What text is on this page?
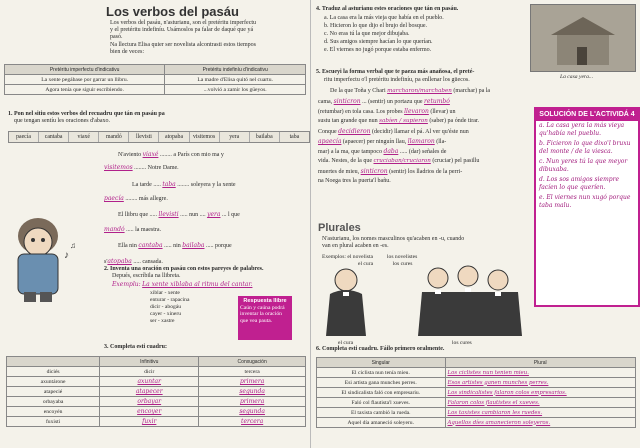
Los verbos del pasáu
Los verbos del pasáu, n'asturianu, son el pretéritu imperfectu
y el pretéritu indefiníu. Usámoslos pa falar de daqué que yá
pasó.
Na llectura Elisa quier ser novelista alcontrasti estos tiempos
bien de veces:
Pretéritu imperfectu d'indicativu	Pretéritu indefiníu d'indicativu
La xente pegábase por garrar un llibru.	La madre d'Elisa quitó nel cuartu.
Agora tenía que siguir escribiendo.	...volvió a zamir los güeyos.
1. Pon nel sitiu estos verbos del recuadru que tán en pasáu pa
que tengan sentíu les oraciones d'abaxo.
paecía	cantaba	viaxé	mandó	llevisti	atopaba	visitemos	yera	bailaba	taba
N'aviento viaxé ........ a París con mio ma y
visitemos ........ Notre Dame.
La tarde ..... taba ........ soleyera y la xente
paecía ........ más allegre.
El llibru que ..... llevisti ..... nun .... yera ... l que
mandó ..... la maestra.
Ella nin cantaba ..... nin bailaba ..... porque
s'atopaba ..... cansada.
♪
♫
2. Inventa una oración en pasáu con estos pareyes de palabres.
Depués, escríbila na llibreta.
Exemplu: La xente xiblaba al ritmu del cantar.
xiblar - xente
enturar - rapacina
dicir - abogáu
cayer - xineru
ser - xastre
Respuesta llibre
Caún y caúna podrá inventar la oración que vea pauta.
3. Completa esti cuadru:
	Infinitivu	Conxugación
diciés	dicir	tercera
axuntárone	axuntar	primera
atapecié	atapecer	segunda
orbayaba	orbayar	primera
encoyén	encoyer	segunda
fuxisti	fuxir	tercera
4. Traduz al asturianu estes oraciones que tán en pasáu.
a. La casa era la más vieja que había en el pueblo.
b. Hicieron lo que dijo el brujo del bosque.
c. No eras tú la que mejor dibujaba.
d. Sus amigos siempre hacían lo que querían.
e. El viernes no jugó porque estaba enfermo.
La casa yera...
5. Escueyi la forma verbal que te paeza más anañosa, el preté-
ritu imperfectu o'l pretéritu indefiníu, pa enllenar los güecos.
De la que Toña y Chari marcharon/marchaben (marchar) pa la
cama, sinticron ... (sentir) un portazu que retumbó
(retumbar) en tola casa. Los probes llevaron (llevar) un
sustu tan grande que nun sabíen / supieron (saber) pa ónde tirar.
Conque decidieron (decidir) llamar el pá. Al ver qu'éste nun
apaecía (apaecer) per ninguín llau, llamaron (lla-
mar) a la ma, que tampoco daba ..... (dar) señales de
vida. Nestes, de la que cruciaban/cruciaron (cruciar) pel pasillu
muertes de mieu, sinticron (sentir) los lladrios de la perri-
na Noega tres la puerta'l bañu.
Plurales
N'asturianu, los nomes masculinos qu'acaben en -u, cuando
van en plural acaben en -es.
Exemplos: el novelista los novelistes
el cura	los cures
el cura	los cures
6. Completa esti cuadru. Fáilo primero oralmente.
Singular	Plural
El ciclista nun tenía mieu.	Los ciclistes nun tenien mieu.
Esi artista gana munches perres.	Esos artistes ganen munches perres.
El sindicalista faló con empresariu.	Los sindicalistes falaron colos empresarios.
Faló col flautista'l xueves.	Falaron colos flautistes el xueves.
El taxista cambió la rueda.	Los taxistes cambiaron les ruedes.
Aquel día amaneció soleyeru.	Aquellos díes amanecieron soleyeros.
SOLUCIÓN DE L'ACTIVIDÁ 4
a. La casa yera la más vieya qu'había nel pueblu.
b. Ficieron lo que dixo'l bruxu del monte / de la viesca.
c. Nun yeres tú la que meyor dibuxaba.
d. Los sos amigos siempre facíen lo que queríen.
e. El viernes nun xugó porque taba malu.
